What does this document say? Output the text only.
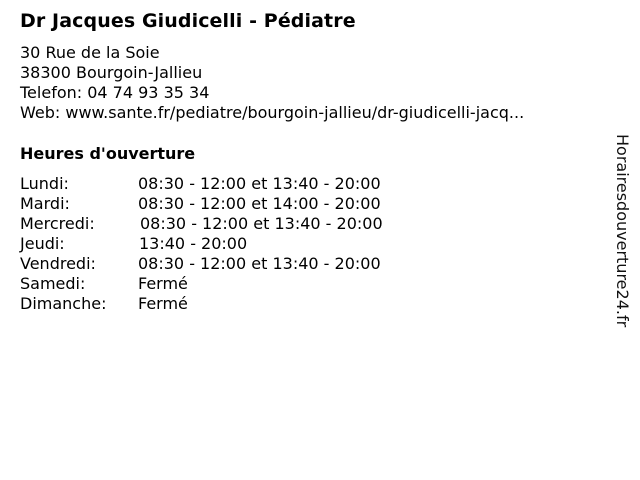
Dr Jacques Giudicelli - Pédiatre
30 Rue de la Soie
38300 Bourgoin-Jallieu
Telefon: 04 74 93 35 34
Web: www.sante.fr/pediatre/bourgoin-jallieu/dr-giudicelli-jacq...
Heures d'ouverture
Lundi:	08:30 - 12:00 et 13:40 - 20:00
Mardi:	08:30 - 12:00 et 14:00 - 20:00
Mercredi:	08:30 - 12:00 et 13:40 - 20:00
Jeudi:	13:40 - 20:00
Vendredi:	08:30 - 12:00 et 13:40 - 20:00
Samedi:	Fermé
Dimanche: Fermé	Horairesdouverture24.fr
